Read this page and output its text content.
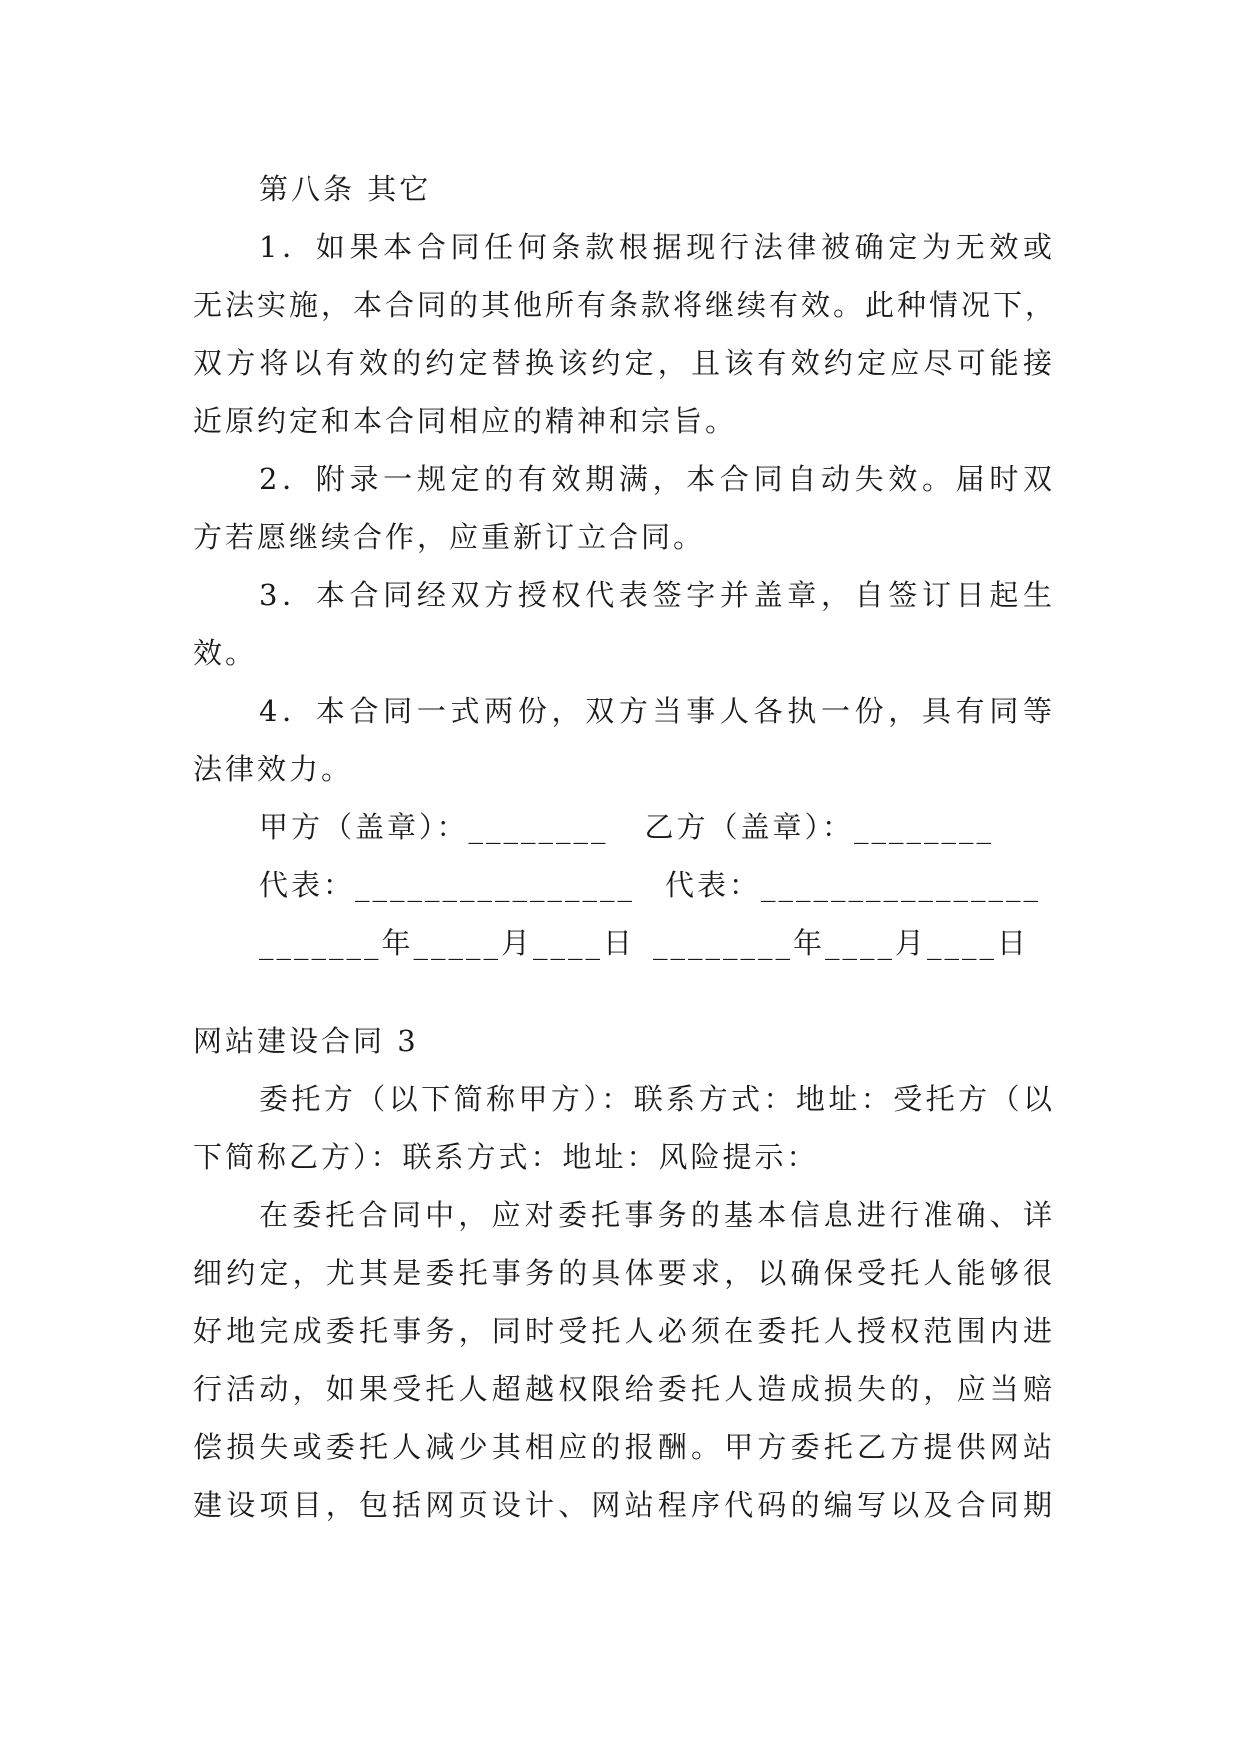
第八条 其它
1．如果本合同任何条款根据现行法律被确定为无效或
无法实施，本合同的其他所有条款将继续有效。此种情况下，
双方将以有效的约定替换该约定，且该有效约定应尽可能接
近原约定和本合同相应的精神和宗旨。
2．附录一规定的有效期满，本合同自动失效。届时双
方若愿继续合作，应重新订立合同。
3．本合同经双方授权代表签字并盖章，自签订日起生
效。
4．本合同一式两份，双方当事人各执一份，具有同等
法律效力。
甲方（盖章）：________ 乙方（盖章）：________
代表：________________ 代表：________________
_______年_____月____日 ________年____月____日
网站建设合同 3
委托方（以下简称甲方）：联系方式：地址：受托方（以
下简称乙方）：联系方式：地址：风险提示：
在委托合同中，应对委托事务的基本信息进行准确、详
细约定，尤其是委托事务的具体要求，以确保受托人能够很
好地完成委托事务，同时受托人必须在委托人授权范围内进
行活动，如果受托人超越权限给委托人造成损失的，应当赔
偿损失或委托人减少其相应的报酬。甲方委托乙方提供网站
建设项目，包括网页设计、网站程序代码的编写以及合同期
